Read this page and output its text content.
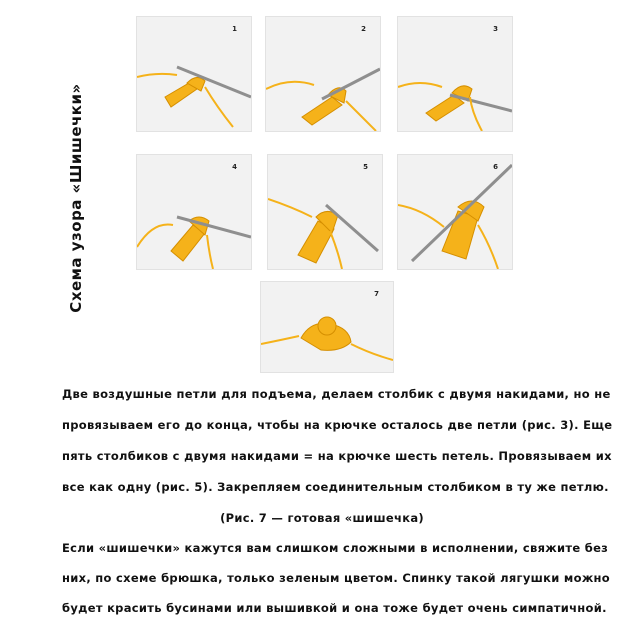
Схема узора «Шишечки»
1	2	3
4	5	6
7
Две воздушные петли для подъема, делаем столбик с двумя накидами, но не
провязываем его до конца, чтобы на крючке осталось две петли (рис. 3). Еще
пять столбиков с двумя накидами = на крючке шесть петель. Провязываем их
все как одну (рис. 5). Закрепляем соединительным столбиком в ту же петлю.
(Рис. 7 — готовая «шишечка)
Если «шишечки» кажутся вам слишком сложными в исполнении, свяжите без
них, по схеме брюшка, только зеленым цветом. Спинку такой лягушки можно
будет красить бусинами или вышивкой и она тоже будет очень симпатичной.
